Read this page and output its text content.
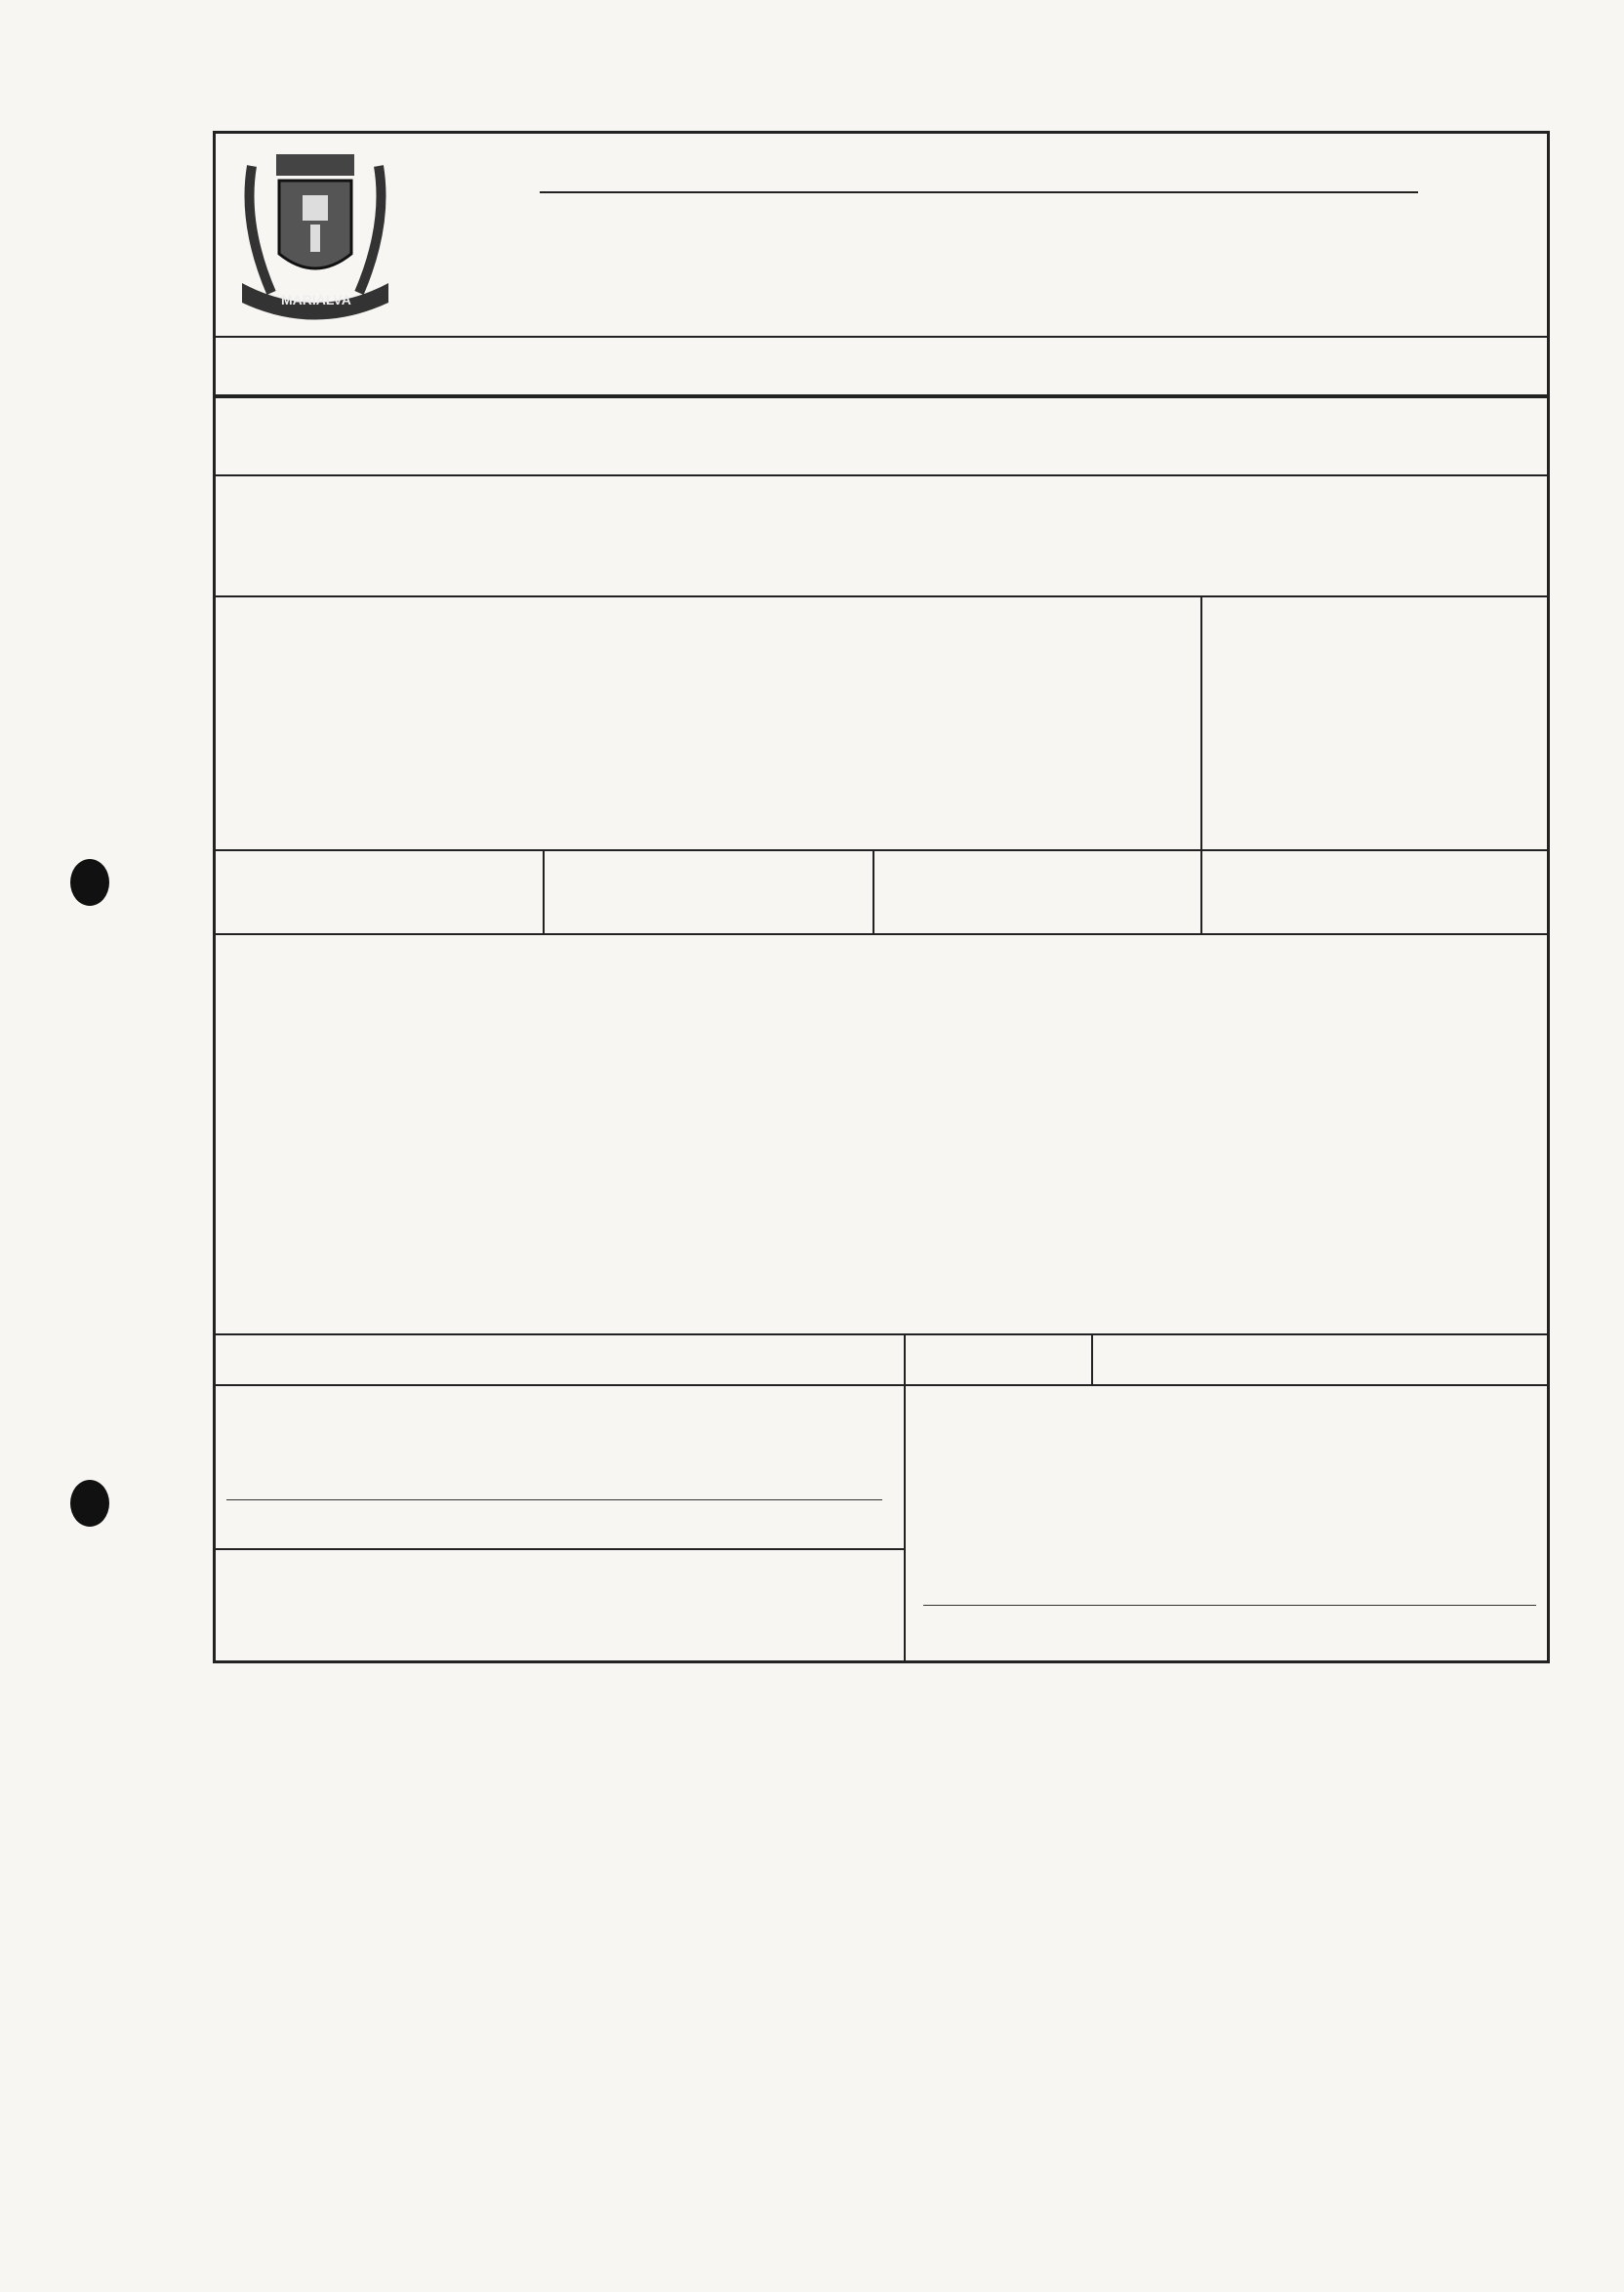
MARIALVA
